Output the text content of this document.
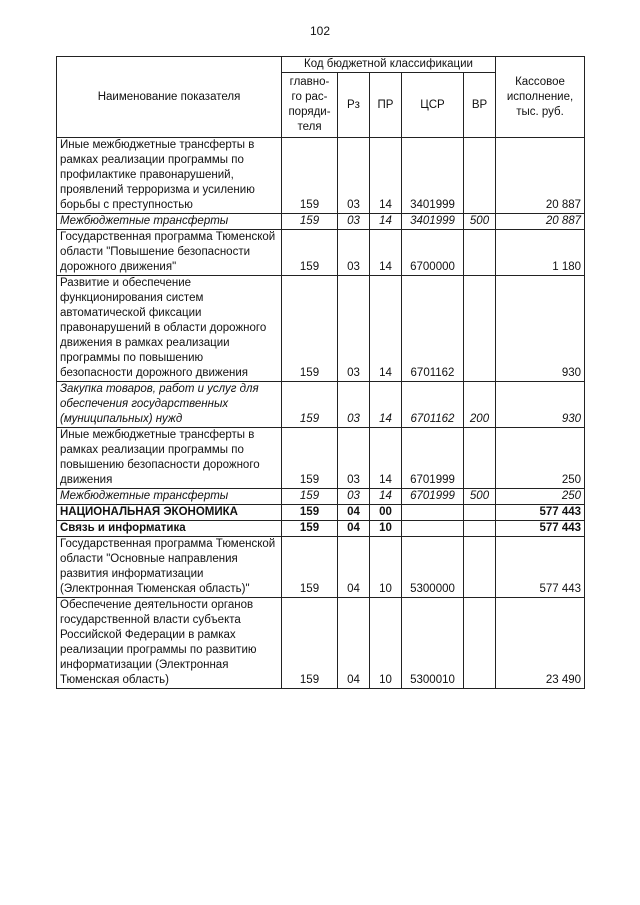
102
Наименование показателя	Код бюджетной классификации					Кассовое исполнение, тыс. руб.
	главно-го рас-поряди-теля	Рз	ПР	ЦСР	ВР	
Иные межбюджетные трансферты в рамках реализации программы по профилактике правонарушений, проявлений терроризма и усилению борьбы с преступностью	159	03	14	3401999		20 887
Межбюджетные трансферты	159	03	14	3401999	500	20 887
Государственная программа Тюменской области "Повышение безопасности дорожного движения"	159	03	14	6700000		1 180
Развитие и обеспечение функционирования систем автоматической фиксации правонарушений в области дорожного движения в рамках реализации программы по повышению безопасности дорожного движения	159	03	14	6701162		930
Закупка товаров, работ и услуг для обеспечения государственных (муниципальных) нужд	159	03	14	6701162	200	930
Иные межбюджетные трансферты в рамках реализации программы по повышению безопасности дорожного движения	159	03	14	6701999		250
Межбюджетные трансферты	159	03	14	6701999	500	250
НАЦИОНАЛЬНАЯ ЭКОНОМИКА	159	04	00			577 443
Связь и информатика	159	04	10			577 443
Государственная программа Тюменской области "Основные направления развития информатизации (Электронная Тюменская область)"	159	04	10	5300000		577 443
Обеспечение деятельности органов государственной власти субъекта Российской Федерации в рамках реализации программы по развитию информатизации (Электронная Тюменская область)	159	04	10	5300010		23 490
